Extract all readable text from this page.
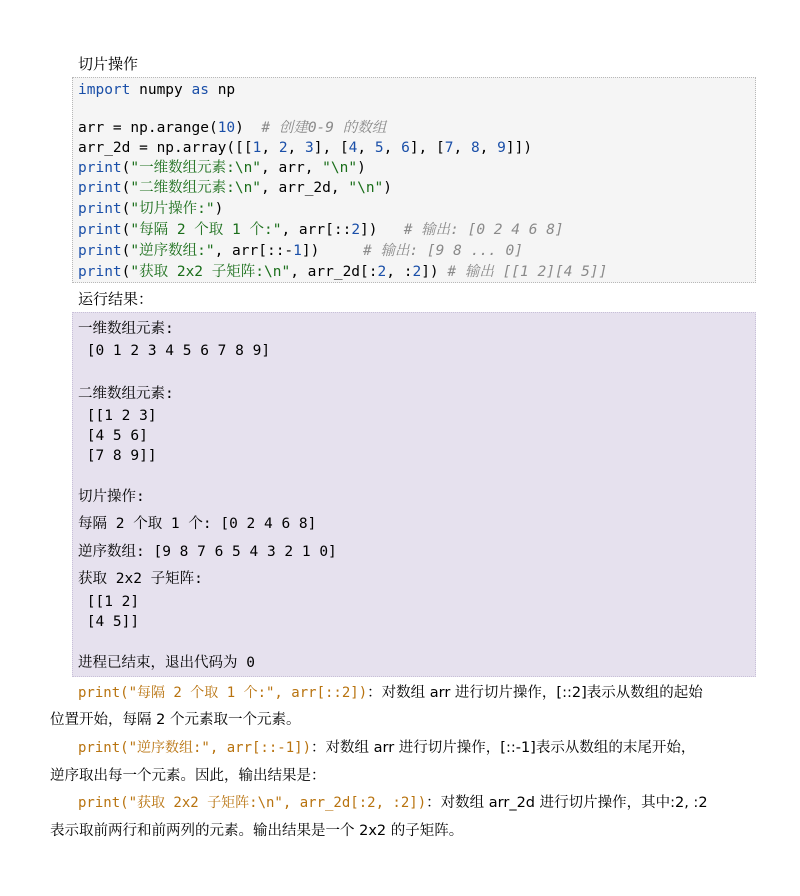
切片操作
import numpy as np
arr = np.arange(10)  # 创建0-9 的数组
arr_2d = np.array([[1, 2, 3], [4, 5, 6], [7, 8, 9]])
print("一维数组元素:\n", arr, "\n")
print("二维数组元素:\n", arr_2d, "\n")
print("切片操作:")
print("每隔 2 个取 1 个:", arr[::2])   # 输出: [0 2 4 6 8]
print("逆序数组:", arr[::-1])     # 输出: [9 8 ... 0]
print("获取 2x2 子矩阵:\n", arr_2d[:2, :2]) # 输出 [[1 2][4 5]]
运行结果：
一维数组元素:
[0 1 2 3 4 5 6 7 8 9]
二维数组元素:
[[1 2 3]
[4 5 6]
[7 8 9]]
切片操作:
每隔 2 个取 1 个: [0 2 4 6 8]
逆序数组: [9 8 7 6 5 4 3 2 1 0]
获取 2x2 子矩阵:
[[1 2]
[4 5]]
进程已结束，退出代码为 0
print("每隔 2 个取 1 个:", arr[::2])：对数组 arr 进行切片操作，[::2]表示从数组的起始
位置开始，每隔 2 个元素取一个元素。
print("逆序数组:", arr[::-1])：对数组 arr 进行切片操作，[::-1]表示从数组的末尾开始，
逆序取出每一个元素。因此，输出结果是：
print("获取 2x2 子矩阵:\n", arr_2d[:2, :2])：对数组 arr_2d 进行切片操作，其中:2, :2
表示取前两行和前两列的元素。输出结果是一个 2x2 的子矩阵。
